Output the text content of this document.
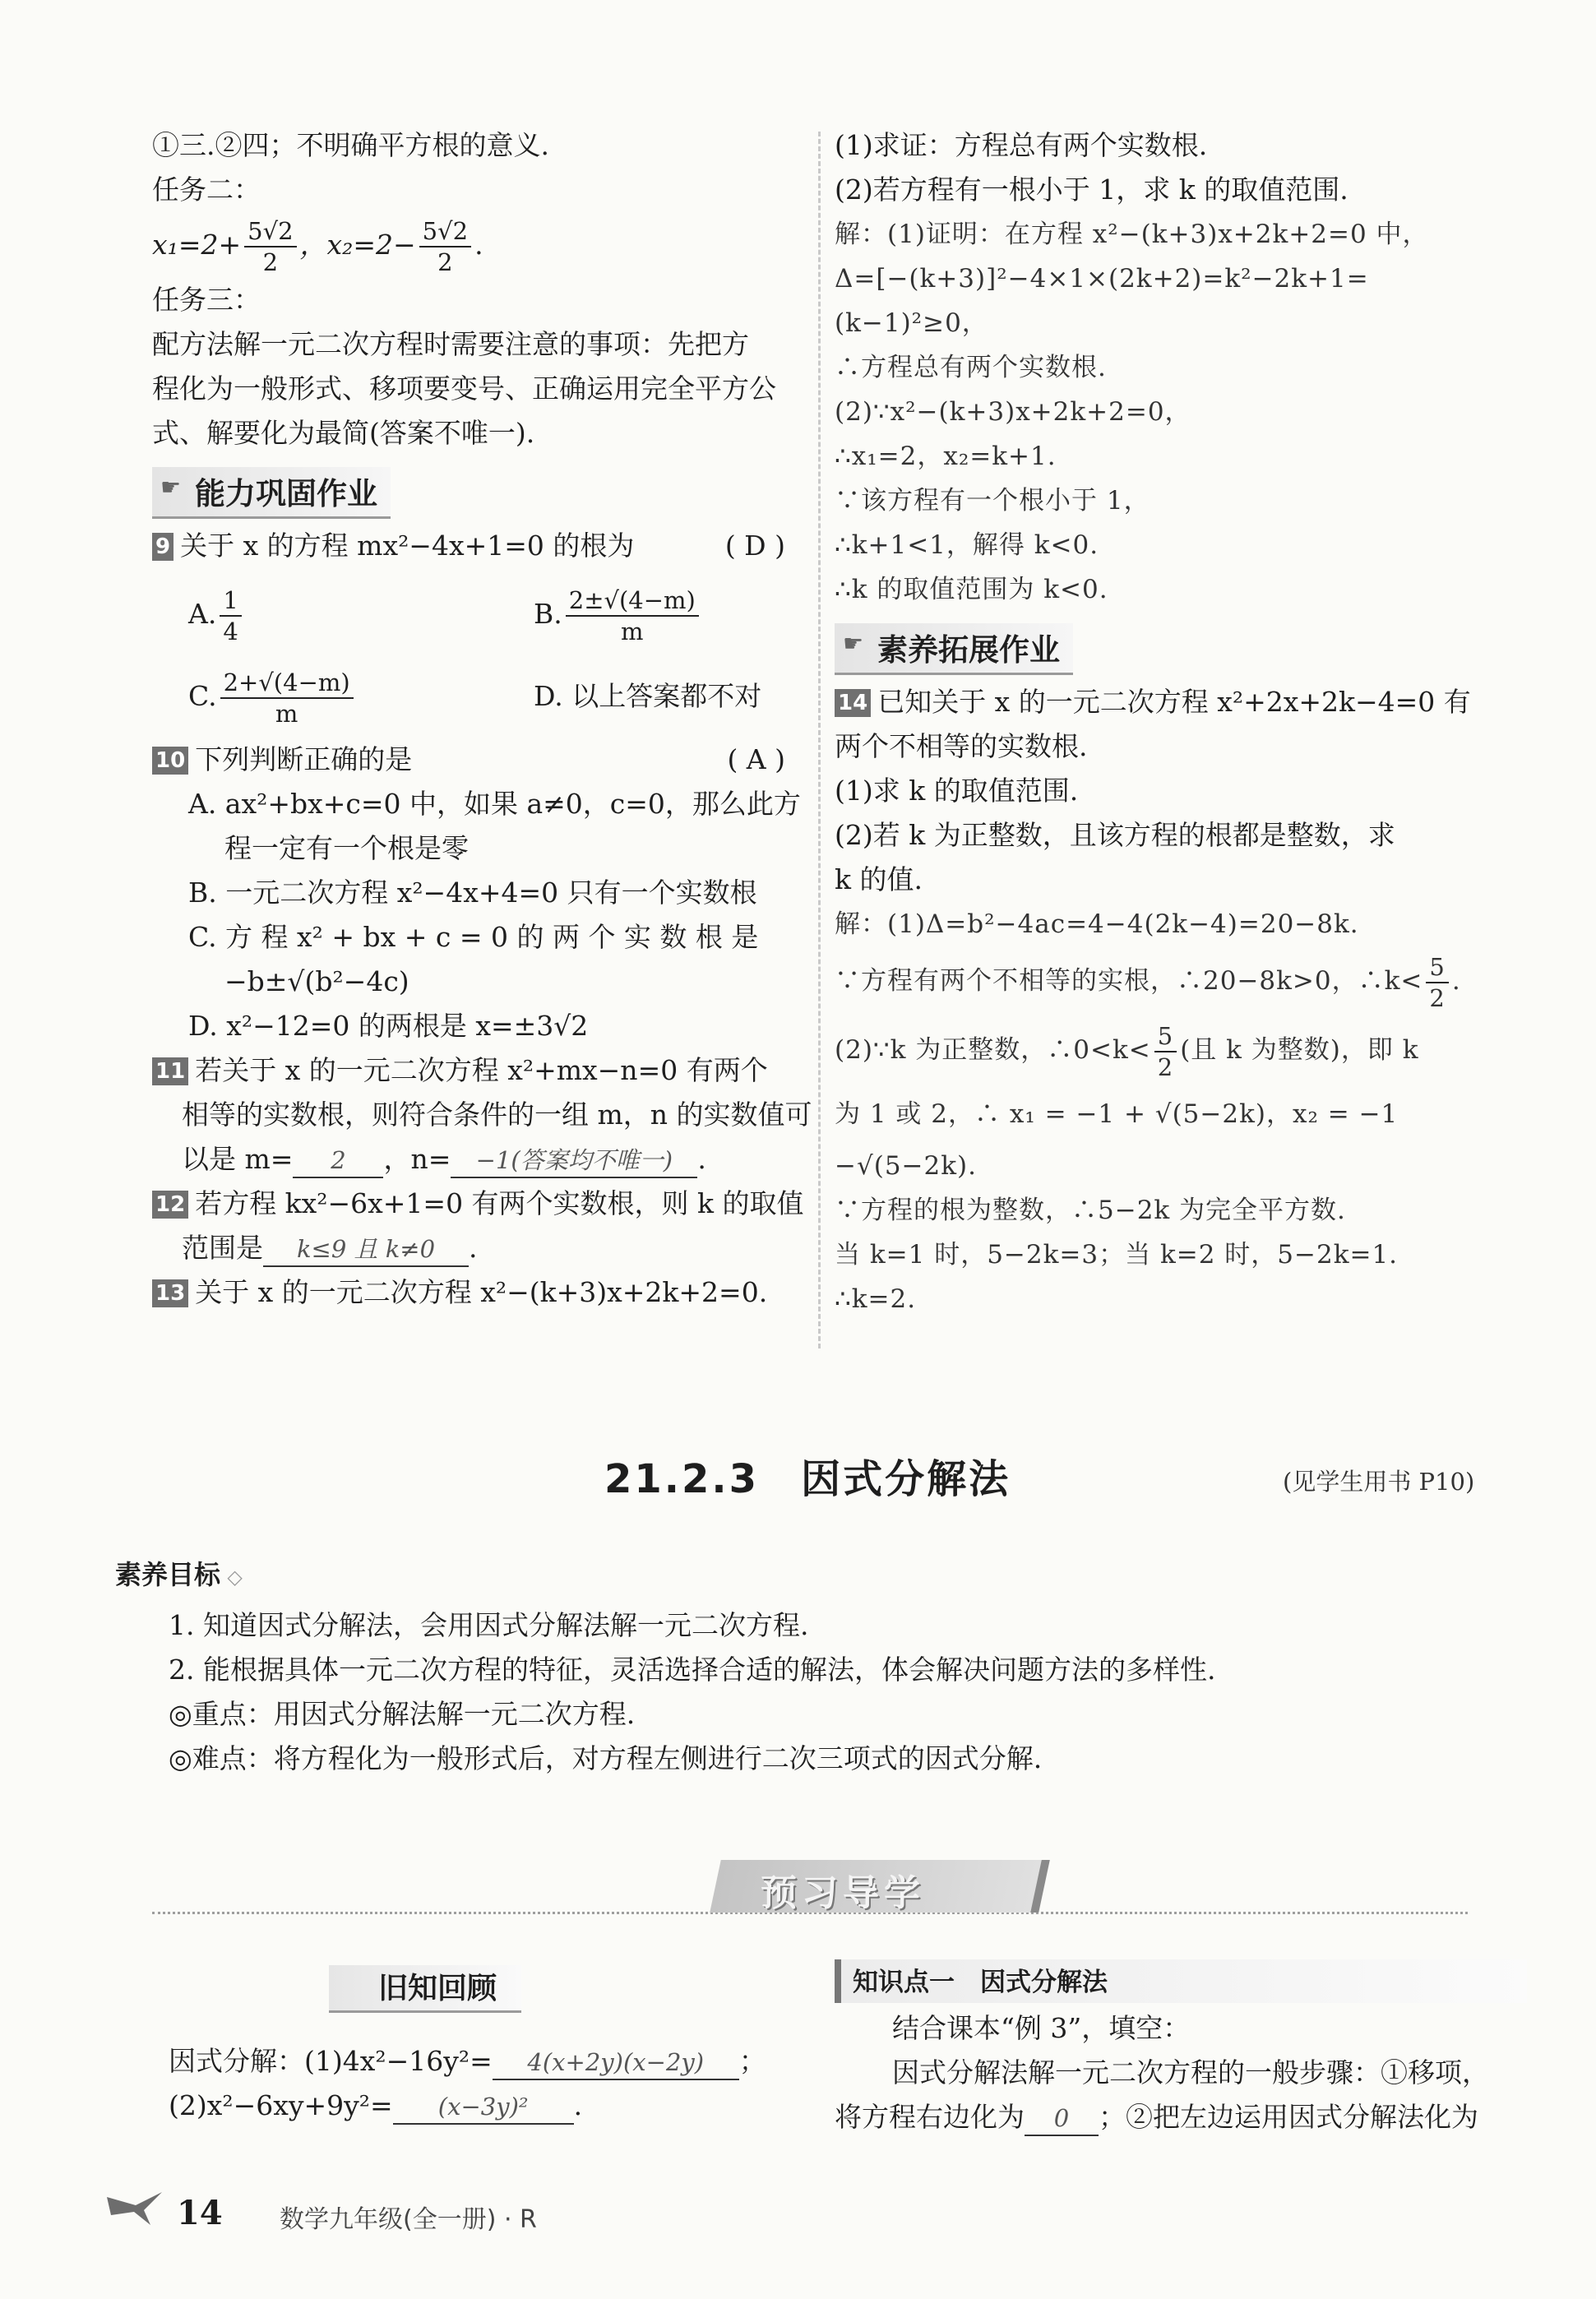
①三.②四；不明确平方根的意义.
任务二：
$x_1=2+ \frac{5√2}{2}$ ，$x_2=2- \frac{5√2}{2}$ .
任务三：
配方法解一元二次方程时需要注意的事项：先把方
程化为一般形式、移项要变号、正确运用完全平方公
式、解要化为最简(答案不唯一).
☛ 能力巩固作业
9 关于 x 的方程 mx²−4x+1=0 的根为	( D )
A. $\frac{1}{4}$	B. $\frac{2\pm√(4-m)}{m}$
C. $\frac{2+√(4-m)}{m}$	D. 以上答案都不对
10 下列判断正确的是	( A )
A. ax²+bx+c=0 中，如果 a≠0，c=0，那么此方
程一定有一个根是零
B. 一元二次方程 x²−4x+4=0 只有一个实数根
C. 方 程 x² + bx + c = 0 的 两 个 实 数 根 是
−b±√(b²−4c)
D. x²−12=0 的两根是 x=±3√2
11 若关于 x 的一元二次方程 x²+mx−n=0 有两个
相等的实数根，则符合条件的一组 m，n 的实数值可
以是 m= 2 ，n= −1(答案均不唯一) .
12 若方程 kx²−6x+1=0 有两个实数根，则 k 的取值
范围是 k≤9 且 k≠0 .
13 关于 x 的一元二次方程 x²−(k+3)x+2k+2=0.
(1)求证：方程总有两个实数根.
(2)若方程有一根小于 1，求 k 的取值范围.
解：(1)证明：在方程 x²−(k+3)x+2k+2=0 中，
Δ=[−(k+3)]²−4×1×(2k+2)=k²−2k+1=
(k−1)²≥0，
∴方程总有两个实数根.
(2)∵x²−(k+3)x+2k+2=0，
∴x₁=2，x₂=k+1.
∵该方程有一个根小于 1，
∴k+1<1，解得 k<0.
∴k 的取值范围为 k<0.
☛ 素养拓展作业
14 已知关于 x 的一元二次方程 x²+2x+2k−4=0 有
两个不相等的实数根.
(1)求 k 的取值范围.
(2)若 k 为正整数，且该方程的根都是整数，求
k 的值.
解：(1)Δ=b²−4ac=4−4(2k−4)=20−8k.
∵方程有两个不相等的实根，∴20−8k>0，∴k< $\frac{5}{2}$ .
(2)∵k 为正整数，∴0<k< $\frac{5}{2}$ (且 k 为整数)，即 k
为 1 或 2，∴ x₁ = −1 + √(5−2k)，x₂ = −1
−√(5−2k).
∵方程的根为整数，∴5−2k 为完全平方数.
当 k=1 时，5−2k=3；当 k=2 时，5−2k=1.
∴k=2.
21.2.3　因式分解法	(见学生用书 P10)
素养目标 ◇
1. 知道因式分解法，会用因式分解法解一元二次方程.
2. 能根据具体一元二次方程的特征，灵活选择合适的解法，体会解决问题方法的多样性.
◎重点：用因式分解法解一元二次方程.
◎难点：将方程化为一般形式后，对方程左侧进行二次三项式的因式分解.
预习导学
旧知回顾	知识点一　因式分解法
因式分解：(1)4x²−16y²= 4(x+2y)(x−2y) ；
(2)x²−6xy+9y²= (x−3y)² .
结合课本“例 3”，填空：
因式分解法解一元二次方程的一般步骤：①移项，
将方程右边化为 0 ；②把左边运用因式分解法化为
14 数学九年级(全一册) · R
